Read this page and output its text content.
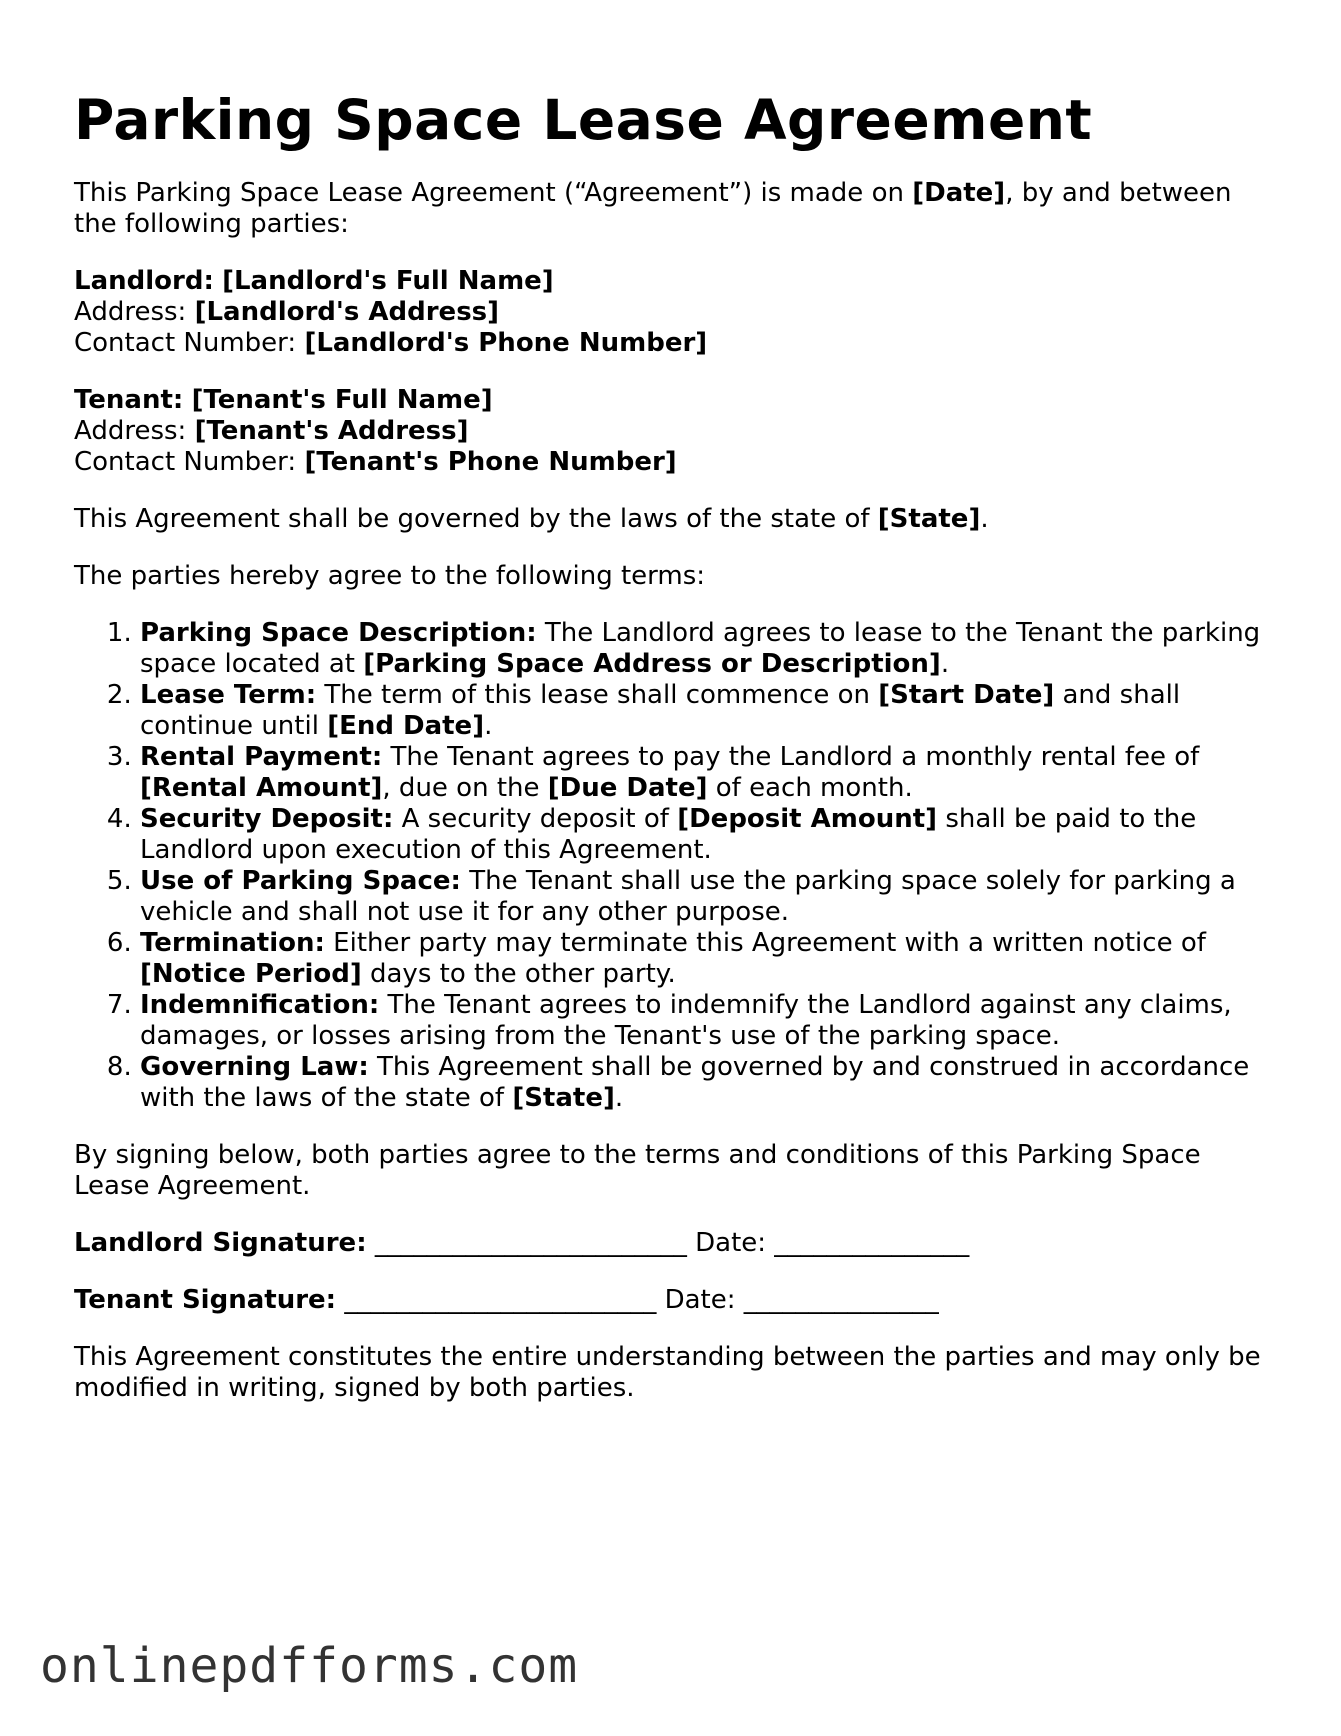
Parking Space Lease Agreement

This Parking Space Lease Agreement (“Agreement”) is made on [Date], by and between the following parties:

Landlord: [Landlord's Full Name]
Address: [Landlord's Address]
Contact Number: [Landlord's Phone Number]
Tenant: [Tenant's Full Name]
Address: [Tenant's Address]
Contact Number: [Tenant's Phone Number]

This Agreement shall be governed by the laws of the state of [State].

The parties hereby agree to the following terms:

1. Parking Space Description: The Landlord agrees to lease to the Tenant the parking space located at [Parking Space Address or Description].
2. Lease Term: The term of this lease shall commence on [Start Date] and shall continue until [End Date].
3. Rental Payment: The Tenant agrees to pay the Landlord a monthly rental fee of [Rental Amount], due on the [Due Date] of each month.
4. Security Deposit: A security deposit of [Deposit Amount] shall be paid to the Landlord upon execution of this Agreement.
5. Use of Parking Space: The Tenant shall use the parking space solely for parking a vehicle and shall not use it for any other purpose.
6. Termination: Either party may terminate this Agreement with a written notice of [Notice Period] days to the other party.
7. Indemnification: The Tenant agrees to indemnify the Landlord against any claims, damages, or losses arising from the Tenant's use of the parking space.
8. Governing Law: This Agreement shall be governed by and construed in accordance with the laws of the state of [State].

By signing below, both parties agree to the terms and conditions of this Parking Space Lease Agreement.

Landlord Signature: ________________________ Date: _______________
Tenant Signature: ________________________ Date: _______________

This Agreement constitutes the entire understanding between the parties and may only be modified in writing, signed by both parties.

onlinepdfforms.com
